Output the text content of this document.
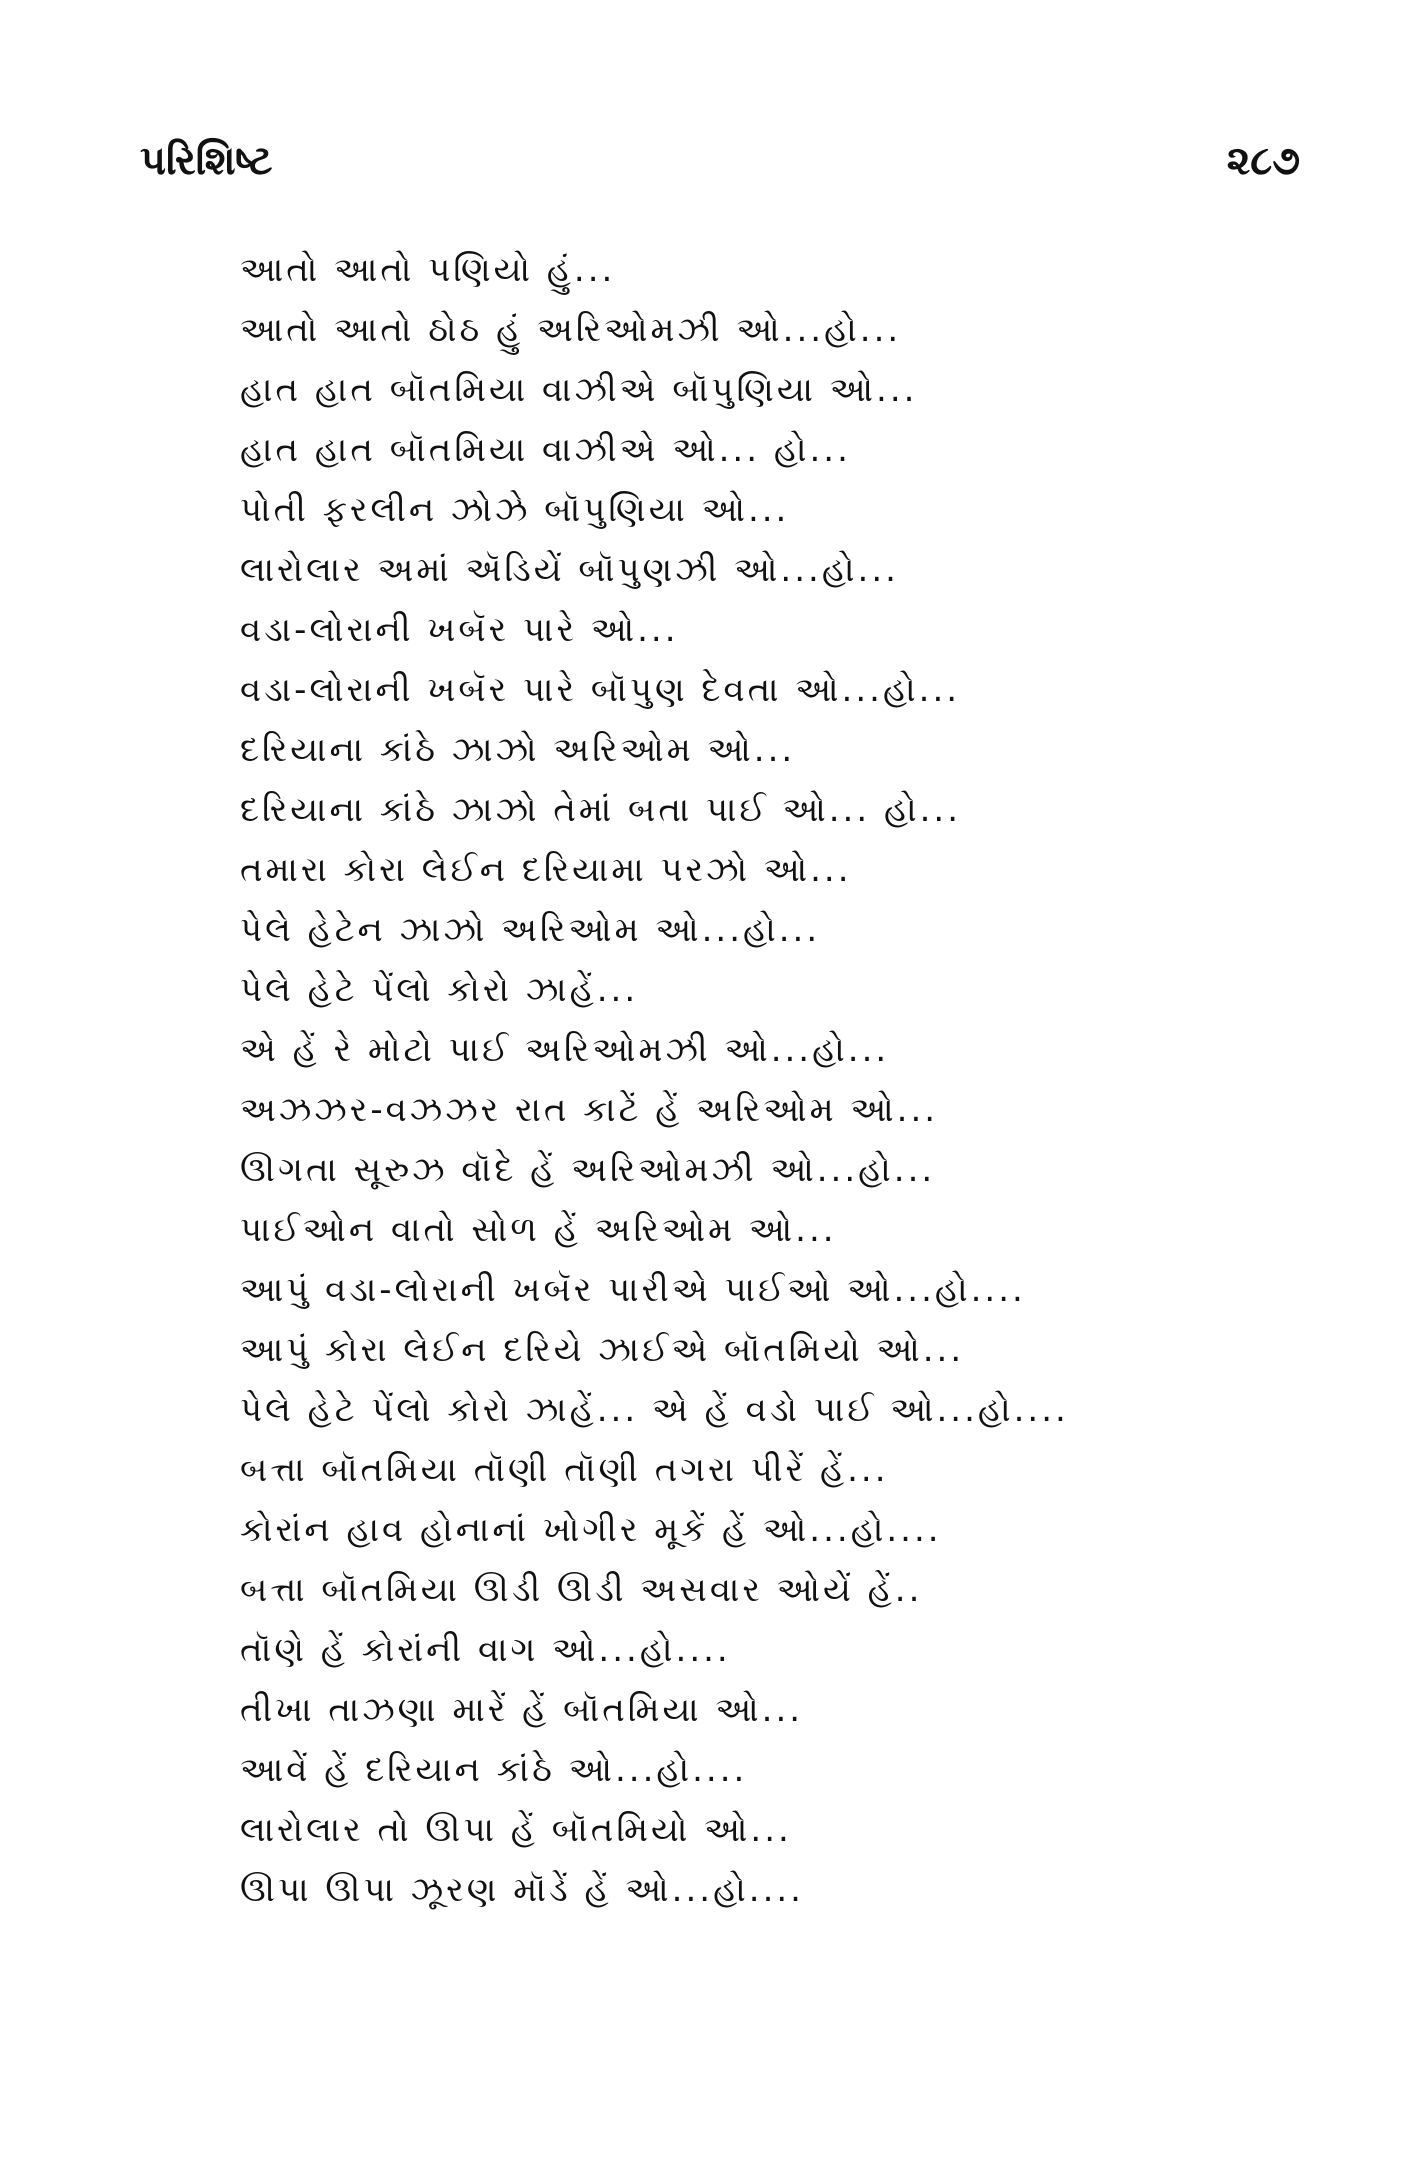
પરિશિષ્ટ	૨૮૭
આતો આતો પણિયો હું...
આતો આતો ઠોઠ હું અરિઓમઝી ઓ...હો...
હાત હાત બૉતમિયા વાઝીએ બૉપુણિયા ઓ...
હાત હાત બૉતમિયા વાઝીએ ઓ... હો...
પોતી ફરલીન ઝોઝે બૉપુણિયા ઓ...
લારોલાર અમાં ઍડિયેં બૉપુણઝી ઓ...હો...
વડા-લોરાની ખબૅર પારે ઓ...
વડા-લોરાની ખબૅર પારે બૉપુણ દેવતા ઓ...હો...
દરિયાના કાંઠે ઝાઝો અરિઓમ ઓ...
દરિયાના કાંઠે ઝાઝો તેમાં બતા પાઈ ઓ... હો...
તમારા કોરા લેઈન દરિયામા પરઝો ઓ...
પેલે હેટેન ઝાઝો અરિઓમ ઓ...હો...
પેલે હેટે પેંલો કોરો ઝાહેં...
એ હેં રે મોટો પાઈ અરિઓમઝી ઓ...હો...
અઝઝર-વઝઝર રાત કાટેં હેં અરિઓમ ઓ...
ઊગતા સૂરુઝ વૉદે હેં અરિઓમઝી ઓ...હો...
પાઈઓન વાતો સોળ હેં અરિઓમ ઓ...
આપું વડા-લોરાની ખબૅર પારીએ પાઈઓ ઓ...હો....
આપું કોરા લેઈન દરિયે ઝાઈએ બૉતમિયો ઓ...
પેલે હેટે પેંલો કોરો ઝાહેં... એ હેં વડો પાઈ ઓ...હો....
બત્તા બૉતમિયા તૉણી તૉણી તગરા પીરેં હેં...
કોરાંન હાવ હોનાનાં ખોગીર મૂકેં હેં ઓ...હો....
બત્તા બૉતમિયા ઊડી ઊડી અસવાર ઓયેં હેં..
તૉણે હેં કોરાંની વાગ ઓ...હો....
તીખા તાઝણા મારેં હેં બૉતમિયા ઓ...
આવેં હેં દરિયાન કાંઠે ઓ...હો....
લારોલાર તો ઊપા હેં બૉતમિયો ઓ...
ઊપા ઊપા ઝૂરણ મૉડેં હેં ઓ...હો....
